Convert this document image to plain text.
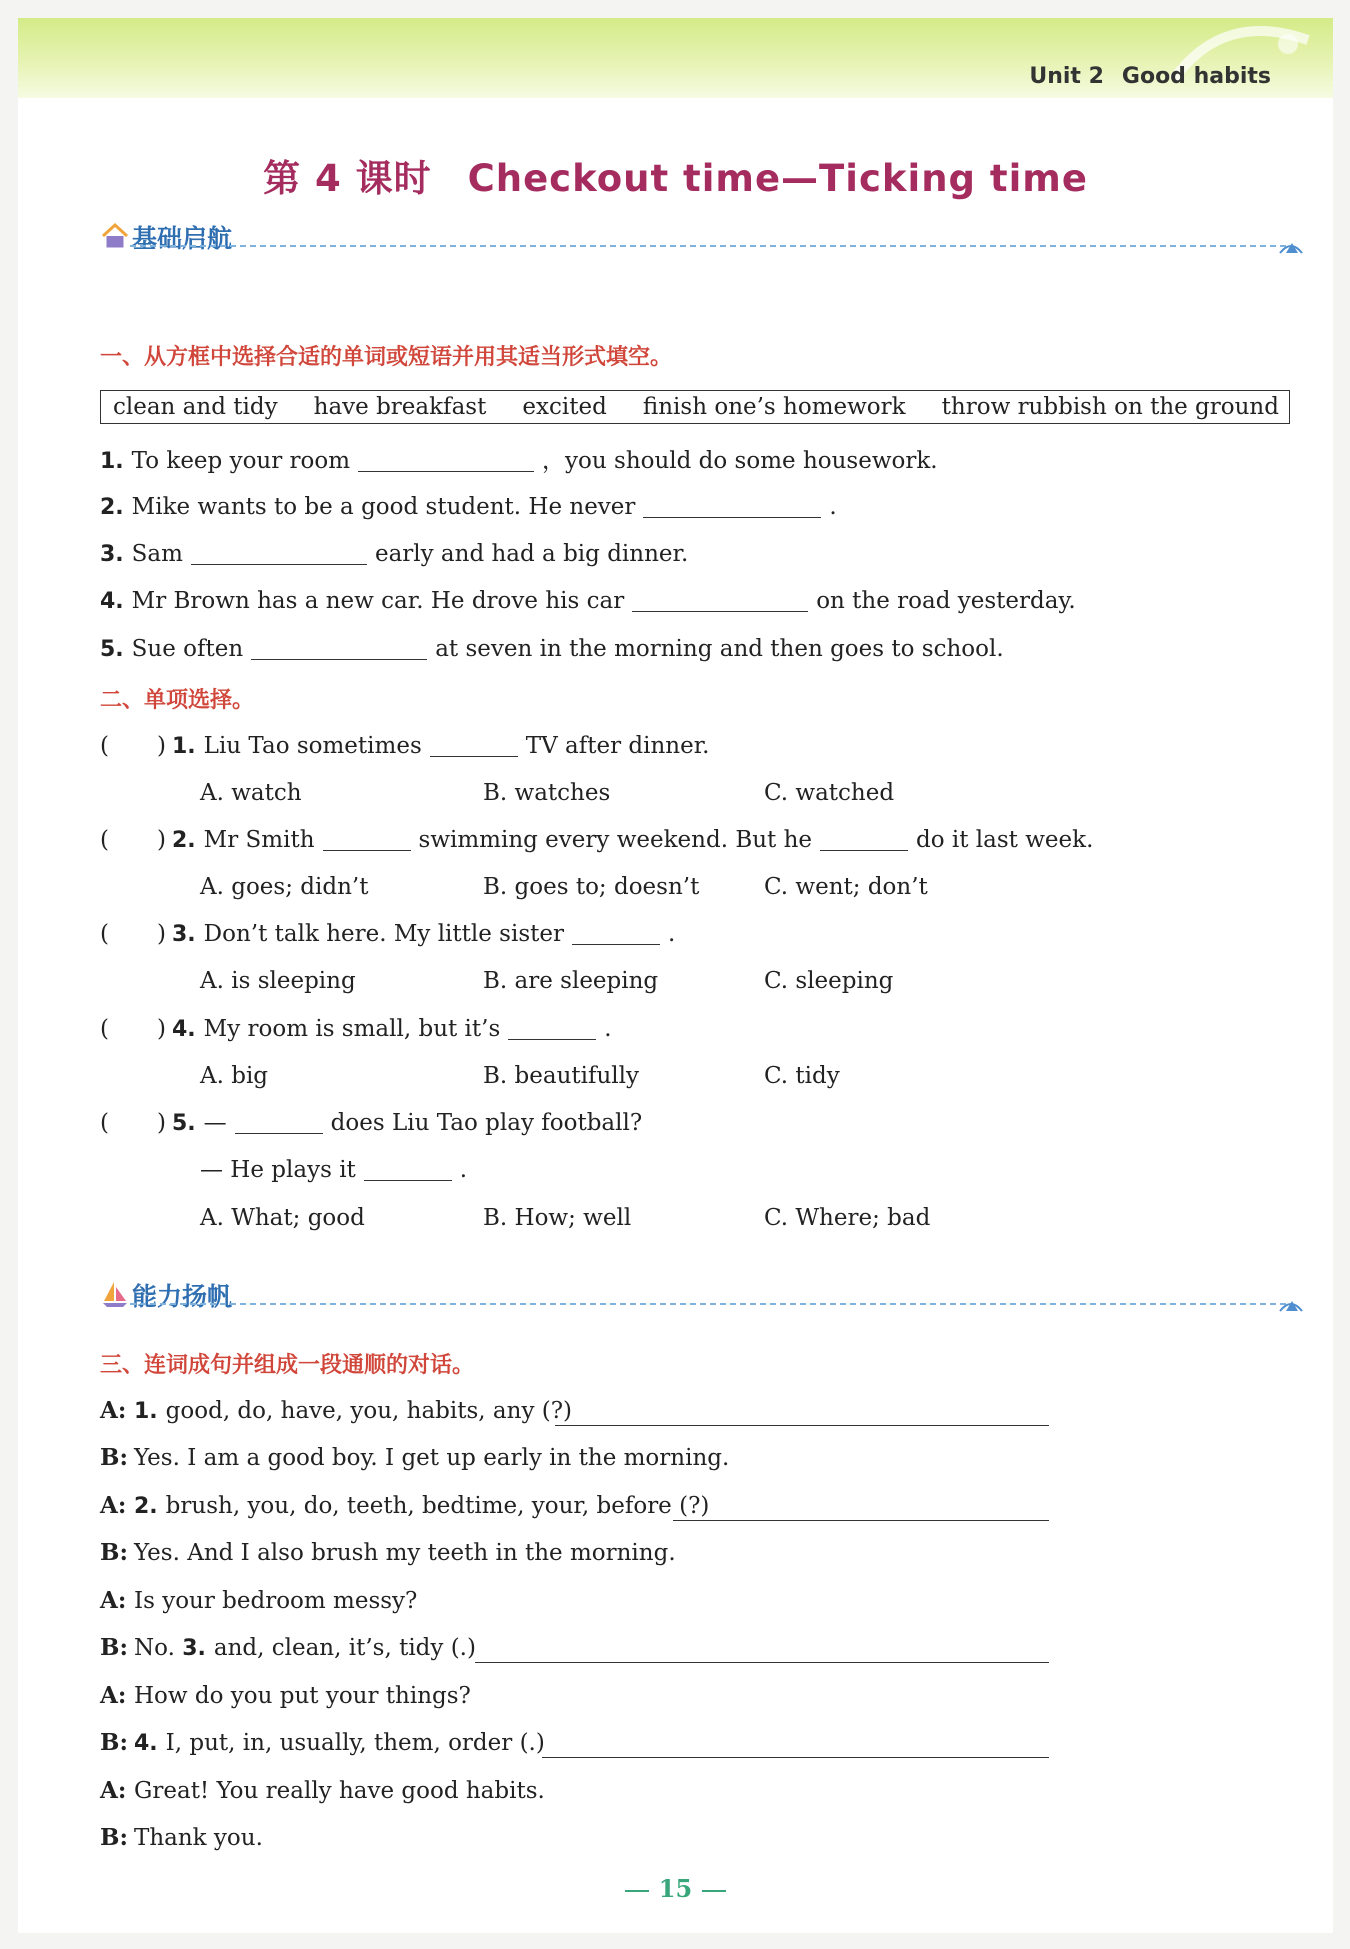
Unit 2 Good habits
第 4 课时 Checkout time—Ticking time
基础启航
一、从方框中选择合适的单词或短语并用其适当形式填空。
clean and tidy have breakfast excited finish one’s homework throw rubbish on the ground
1. To keep your room	，you should do some housework.
2. Mike wants to be a good student. He never	.
3. Sam	early and had a big dinner.
4. Mr Brown has a new car. He drove his car	on the road yesterday.
5. Sue often	at seven in the morning and then goes to school.
二、单项选择。
( ) 1. Liu Tao sometimes	TV after dinner.
A. watch	B. watches	C. watched
( ) 2. Mr Smith	swimming every weekend. But he	do it last week.
A. goes; didn’t	B. goes to; doesn’t	C. went; don’t
( ) 3. Don’t talk here. My little sister	.
A. is sleeping	B. are sleeping	C. sleeping
( ) 4. My room is small, but it’s	.
A. big	B. beautifully	C. tidy
( ) 5. —	does Liu Tao play football?
— He plays it	.
A. What; good	B. How; well	C. Where; bad
能力扬帆
三、连词成句并组成一段通顺的对话。
A: 1. good, do, have, you, habits, any (?)
B: Yes. I am a good boy. I get up early in the morning.
A: 2. brush, you, do, teeth, bedtime, your, before (?)
B: Yes. And I also brush my teeth in the morning.
A: Is your bedroom messy?
B: No. 3. and, clean, it’s, tidy (.)
A: How do you put your things?
B: 4. I, put, in, usually, them, order (.)
A: Great! You really have good habits.
B: Thank you.
15
